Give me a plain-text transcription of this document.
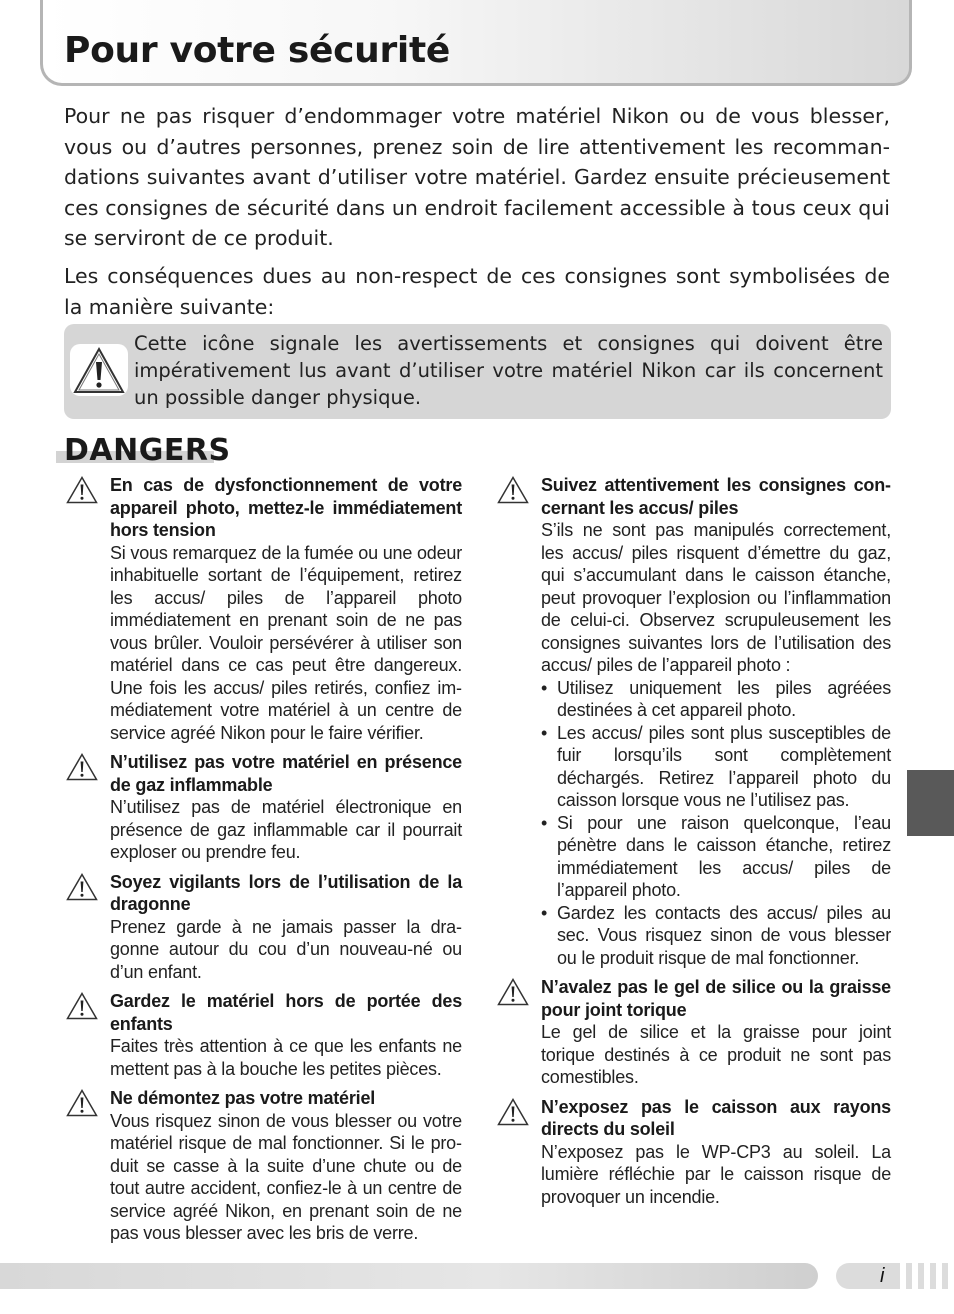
Pour votre sécurité

Pour ne pas risquer d’endommager votre matériel Nikon ou de vous blesser, vous ou d’autres personnes, prenez soin de lire attentivement les recommandations suivantes avant d’utiliser votre matériel. Gardez ensuite précieusement ces consignes de sécurité dans un endroit facilement accessible à tous ceux qui se serviront de ce produit.

Les conséquences dues au non-respect de ces consignes sont symbolisées de la manière suivante:

Cette icône signale les avertissements et consignes qui doivent être impérativement lus avant d’utiliser votre matériel Nikon car ils concernent un possible danger physique.

DANGERS
En cas de dysfonctionnement de votre appareil photo, mettez-le immédiatement hors tension

Si vous remarquez de la fumée ou une odeur inhabituelle sortant de l’équipement, retirez les accus/ piles de l’appareil photo immédiatement en prenant soin de ne pas vous brûler. Vouloir persévérer à utiliser son matériel dans ce cas peut être dangereux. Une fois les accus/ piles retirés, confiez immédiatement votre matériel à un centre de service agréé Nikon pour le faire vérifier.

N’utilisez pas votre matériel en présence de gaz inflammable

N’utilisez pas de matériel électronique en présence de gaz inflammable car il pourrait exploser ou prendre feu.

Soyez vigilants lors de l’utilisation de la dragonne

Prenez garde à ne jamais passer la dragonne autour du cou d’un nouveau-né ou d’un enfant.

Gardez le matériel hors de portée des enfants

Faites très attention à ce que les enfants ne mettent pas à la bouche les petites pièces.

Ne démontez pas votre matériel

Vous risquez sinon de vous blesser ou votre matériel risque de mal fonctionner. Si le produit se casse à la suite d’une chute ou de tout autre accident, confiez-le à un centre de service agréé Nikon, en prenant soin de ne pas vous blesser avec les bris de verre.

Suivez attentivement les consignes concernant les accus/ piles

S’ils ne sont pas manipulés correctement, les accus/ piles risquent d’émettre du gaz, qui s’accumulant dans le caisson étanche, peut provoquer l’explosion ou l’inflammation de celui-ci. Observez scrupuleusement les consignes suivantes lors de l’utilisation des accus/ piles de l’appareil photo :

• Utilisez uniquement les piles agréées destinées à cet appareil photo.
• Les accus/ piles sont plus susceptibles de fuir lorsqu’ils sont complètement déchargés. Retirez l’appareil photo du caisson lorsque vous ne l’utilisez pas.
• Si pour une raison quelconque, l’eau pénètre dans le caisson étanche, retirez immédiatement les accus/ piles de l’appareil photo.
• Gardez les contacts des accus/ piles au sec. Vous risquez sinon de vous blesser ou le produit risque de mal fonctionner.
N’avalez pas le gel de silice ou la graisse pour joint torique

Le gel de silice et la graisse pour joint torique destinés à ce produit ne sont pas comestibles.

N’exposez pas le caisson aux rayons directs du soleil

N’exposez pas le WP-CP3 au soleil. La lumière réfléchie par le caisson risque de provoquer un incendie.

i
